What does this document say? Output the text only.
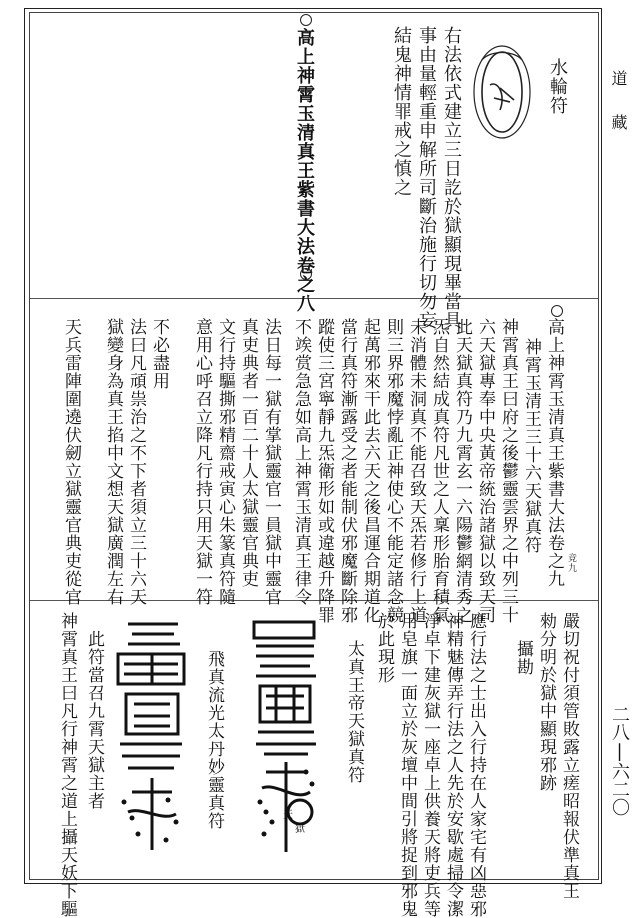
道藏
二八|六二〇
水輪符
右法依式建立三日訖於獄顯現畢當具
事由量輕重申解所司斷治施行切勿妄
結鬼神情罪戒之慎之
高上神霄玉清真王紫書大法卷之八
竞九
高上神霄玉清真王紫書大法卷之九
神霄玉清王三十六天獄真符
神霄真王曰府之後鬱靈雲界之中列三十
六天獄專奉中央黃帝統治諸獄以致天司
此天獄真符乃九霄玄一六陽鬱網清秀之
炁自然結成真符凡世之人稟形胎育積氣
未消體未洞真不能召致天炁若修行上道
則三界邪魔悖亂正神使心不能定諸念競
起萬邪來干此去六天之後昌運合期道化
當行真符漸露受之者能制伏邪魔斷除邪
蹤使三宮寧靜九炁衛形如或違越升降罪
不竢赏急急如高上神霄玉清真王律令
法日每一獄有掌獄靈官一員獄中靈官
真吏典者一百二十人太獄靈官典吏
文行持驅撕邪精齋戒寅心朱篆真符隨
意用心呼召立降凡行持只用天獄一符
不必盡用
法曰凡頑祟治之不下者須立三十六天
獄變身為真王掐中文想天獄廣潤左右
天兵雷陣圍遶伏劒立獄靈官典吏從官
嚴切祝付須管敗露立瘥昭報伏準真王
勑分明於獄中顯現邪跡
攝勘
應行法之士出入行持在人家宅有凶惡邪
神精魅傳弄行法之人先於安歇處掃令潔
淨卓下建灰獄一座卓上供養天將吏兵等
用皂旗一面立於灰壇中間引將捉到邪鬼
於此現形
太真王帝天獄真符
天
獄
飛真流光太丹妙靈真符
此符當召九霄天獄主者
神霄真王曰凡行神霄之道上攝天妖下驅
